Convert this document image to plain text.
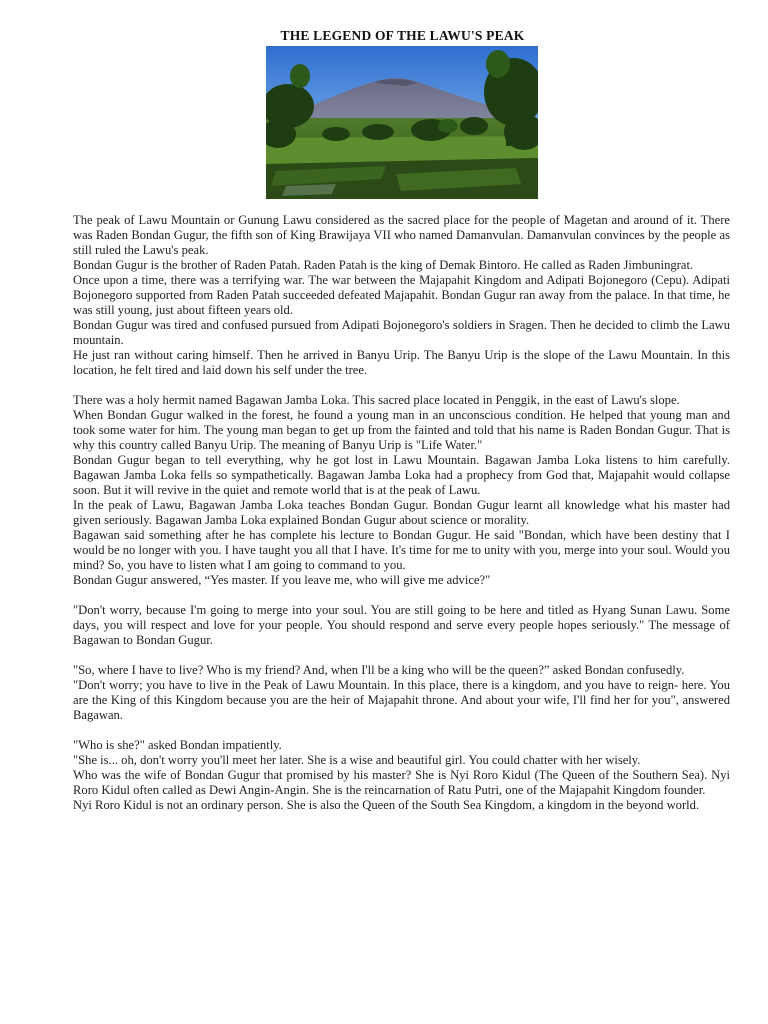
THE LEGEND OF THE LAWU'S PEAK

The peak of Lawu Mountain or Gunung Lawu considered as the sacred place for the people of Magetan and around of it. There was Raden Bondan Gugur, the fifth son of King Brawijaya VII who named Damanvulan. Damanvulan convinces by the people as still ruled the Lawu's peak.

Bondan Gugur is the brother of Raden Patah. Raden Patah is the king of Demak Bintoro. He called as Raden Jimbuningrat.

Once upon a time, there was a terrifying war. The war between the Majapahit Kingdom and Adipati Bojonegoro (Cepu). Adipati Bojonegoro supported from Raden Patah succeeded defeated Majapahit. Bondan Gugur ran away from the palace. In that time, he was still young, just about fifteen years old.

Bondan Gugur was tired and confused pursued from Adipati Bojonegoro's soldiers in Sragen. Then he decided to climb the Lawu mountain.

He just ran without caring himself. Then he arrived in Banyu Urip. The Banyu Urip is the slope of the Lawu Mountain. In this location, he felt tired and laid down his self under the tree.

There was a holy hermit named Bagawan Jamba Loka. This sacred place located in Penggik, in the east of Lawu's slope.

When Bondan Gugur walked in the forest, he found a young man in an unconscious condition. He helped that young man and took some water for him. The young man began to get up from the fainted and told that his name is Raden Bondan Gugur. That is why this country called Banyu Urip. The meaning of Banyu Urip is "Life Water."

Bondan Gugur began to tell everything, why he got lost in Lawu Mountain. Bagawan Jamba Loka listens to him carefully. Bagawan Jamba Loka fells so sympathetically. Bagawan Jamba Loka had a prophecy from God that, Majapahit would collapse soon. But it will revive in the quiet and remote world that is at the peak of Lawu.

In the peak of Lawu, Bagawan Jamba Loka teaches Bondan Gugur. Bondan Gugur learnt all knowledge what his master had given seriously. Bagawan Jamba Loka explained Bondan Gugur about science or morality.

Bagawan said something after he has complete his lecture to Bondan Gugur. He said "Bondan, which have been destiny that I would be no longer with you. I have taught you all that I have. It's time for me to unity with you, merge into your soul. Would you mind? So, you have to listen what I am going to command to you.

Bondan Gugur answered, “Yes master. If you leave me, who will give me advice?"

"Don't worry, because I'm going to merge into your soul. You are still going to be here and titled as Hyang Sunan Lawu. Some days, you will respect and love for your people. You should respond and serve every people hopes seriously." The message of Bagawan to Bondan Gugur.

"So, where I have to live? Who is my friend? And, when I'll be a king who will be the queen?” asked Bondan confusedly.

"Don't worry; you have to live in the Peak of Lawu Mountain. In this place, there is a kingdom, and you have to reign- here. You are the King of this Kingdom because you are the heir of Majapahit throne. And about your wife, I'll find her for you", answered Bagawan.

"Who is she?" asked Bondan impatiently.

"She is... oh, don't worry you'll meet her later. She is a wise and beautiful girl. You could chatter with her wisely.

Who was the wife of Bondan Gugur that promised by his master? She is Nyi Roro Kidul (The Queen of the Southern Sea). Nyi Roro Kidul often called as Dewi Angin-Angin. She is the reincarnation of Ratu Putri, one of the Majapahit Kingdom founder.

Nyi Roro Kidul is not an ordinary person. She is also the Queen of the South Sea Kingdom, a kingdom in the beyond world.
